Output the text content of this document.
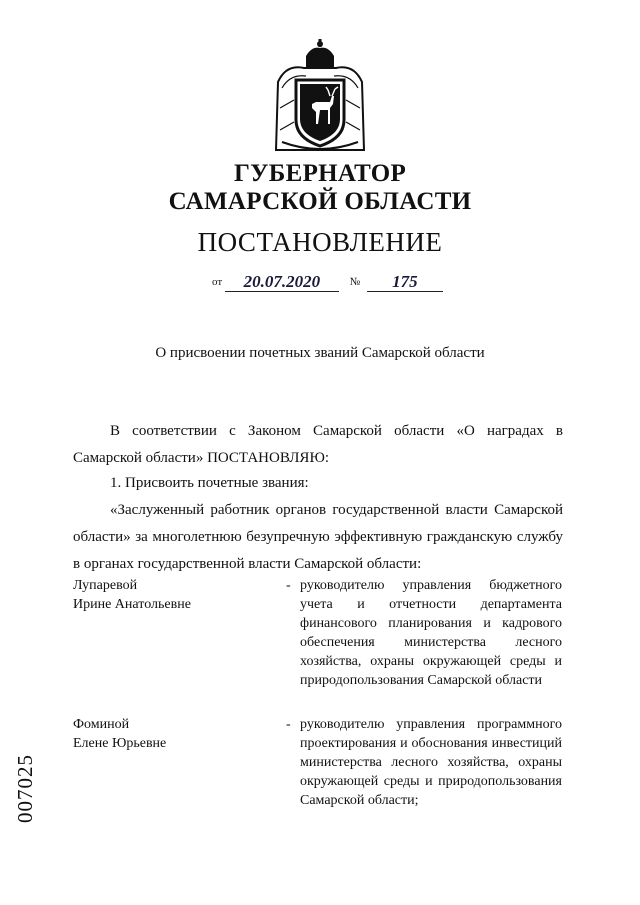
ГУБЕРНАТОР
САМАРСКОЙ ОБЛАСТИ
ПОСТАНОВЛЕНИЕ
от 20.07.2020	№ 175
О присвоении почетных званий Самарской области
В соответствии с Законом Самарской области «О наградах в Самарской области» ПОСТАНОВЛЯЮ:
1. Присвоить почетные звания:
«Заслуженный работник органов государственной власти Самарской области» за многолетнюю безупречную эффективную гражданскую службу в органах государственной власти Самарской области:
Лупаревой
Ирине Анатольевне
- руководителю управления бюджетного учета и отчетности департамента финансового планирования и кадрового обеспечения министерства лесного хозяйства, охраны окружающей среды и природопользования Самарской области
Фоминой
Елене Юрьевне
- руководителю управления программного проектирования и обоснования инвестиций министерства лесного хозяйства, охраны окружающей среды и природопользования Самарской области;
007025
